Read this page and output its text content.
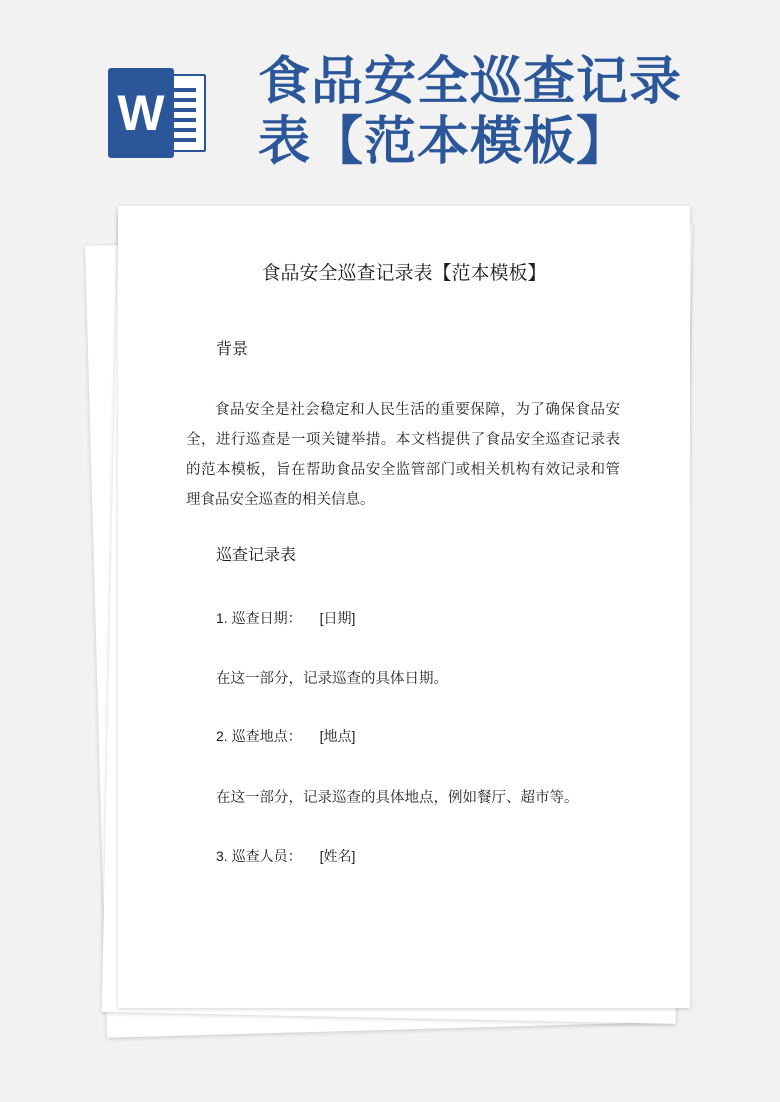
W
食品安全巡查记录表【范本模板】
食品安全巡查记录表【范本模板】
背景

食品安全是社会稳定和人民生活的重要保障，为了确保食品安全，进行巡查是一项关键举措。本文档提供了食品安全巡查记录表的范本模板，旨在帮助食品安全监管部门或相关机构有效记录和管理食品安全巡查的相关信息。

巡查记录表

1. 巡查日期： [日期]

在这一部分，记录巡查的具体日期。

2. 巡查地点： [地点]

在这一部分，记录巡查的具体地点，例如餐厅、超市等。

3. 巡查人员： [姓名]
